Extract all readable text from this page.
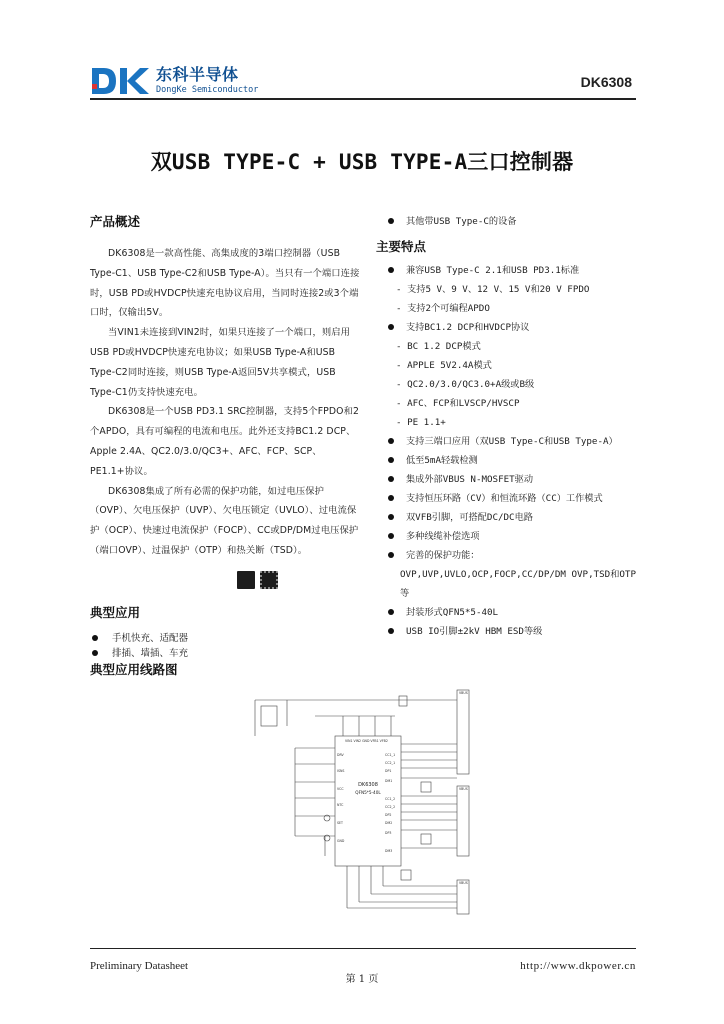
东科半导体
DongKe Semiconductor
DK6308
双USB TYPE-C + USB TYPE-A三口控制器
产品概述

DK6308是一款高性能、高集成度的3端口控制器（USB Type-C1、USB Type-C2和USB Type-A）。当只有一个端口连接时，USB PD或HVDCP快速充电协议启用，当同时连接2或3个端口时，仅输出5V。

当VIN1未连接到VIN2时，如果只连接了一个端口，则启用USB PD或HVDCP快速充电协议；如果USB Type-A和USB Type-C2同时连接，则USB Type-A返回5V共享模式，USB Type-C1仍支持快速充电。

DK6308是一个USB PD3.1 SRC控制器，支持5个FPDO和2个APDO，具有可编程的电流和电压。此外还支持BC1.2 DCP、Apple 2.4A、QC2.0/3.0/QC3+、AFC、FCP、SCP、PE1.1+协议。

DK6308集成了所有必需的保护功能，如过电压保护（OVP）、欠电压保护（UVP）、欠电压锁定（UVLO）、过电流保护（OCP）、快速过电流保护（FOCP）、CC或DP/DM过电压保护（端口OVP）、过温保护（OTP）和热关断（TSD）。

典型应用
手机快充、适配器
排插、墙插、车充
其他带USB Type-C的设备
主要特点
兼容USB Type-C 2.1和USB PD3.1标准
- 支持5 V、9 V、12 V、15 V和20 V FPDO
- 支持2个可编程APDO
支持BC1.2 DCP和HVDCP协议
- BC 1.2 DCP模式
- APPLE 5V2.4A模式
- QC2.0/3.0/QC3.0+A级或B级
- AFC、FCP和LVSCP/HVSCP
- PE 1.1+
支持三端口应用（双USB Type-C和USB Type-A）
低至5mA轻载检测
集成外部VBUS N-MOSFET驱动
支持恒压环路（CV）和恒流环路（CC）工作模式
双VFB引脚，可搭配DC/DC电路
多种线缆补偿选项
完善的保护功能：
OVP,UVP,UVLO,OCP,FOCP,CC/DP/DM OVP,TSD和OTP
等
封装形式QFN5*5-40L
USB IO引脚±2kV HBM ESD等级
典型应用线路图
VIN1 VIN2 GND VFB1 VFB2
DRV
ISNS
VCC
NTC
SET
GND
CC1_1
CC2_1
DP1
DM1
CC1_2
CC2_2
DP2
DM2
DP3
DM3
VBUS
VBUS
VBUS
DK6308
QFN5*5-40L
Preliminary Datasheet
第 1 页
http://www.dkpower.cn
